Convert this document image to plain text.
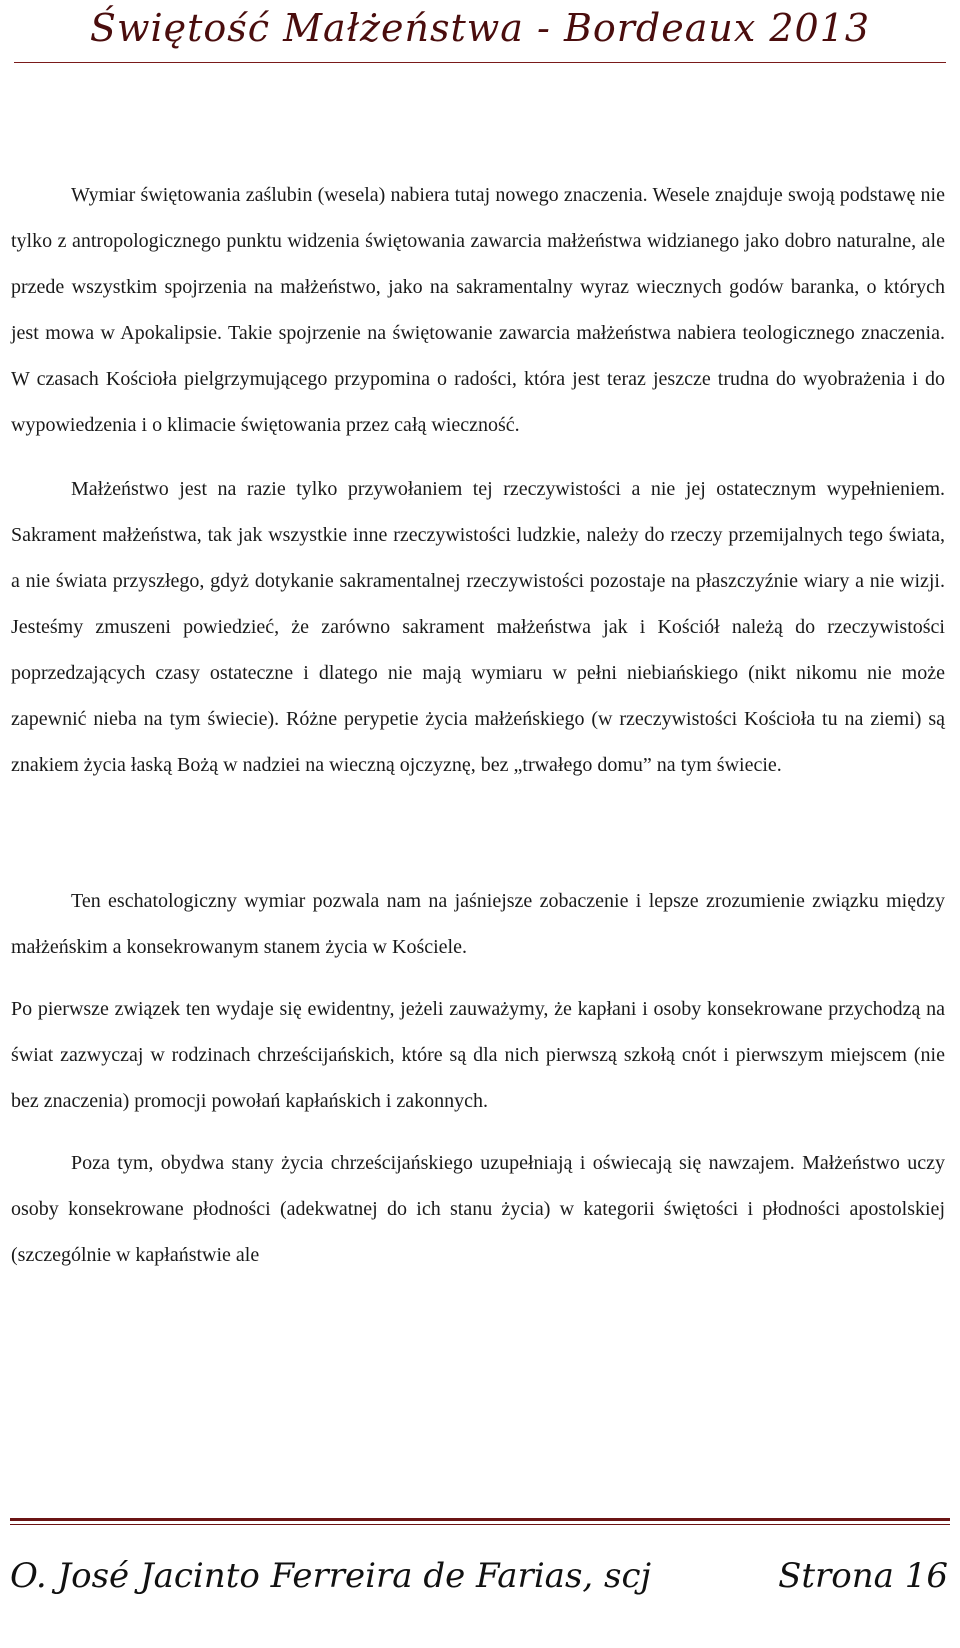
Świętość Małżeństwa - Bordeaux 2013

Wymiar świętowania zaślubin (wesela) nabiera tutaj nowego znaczenia. Wesele znajduje swoją podstawę nie tylko z antropologicznego punktu widzenia świętowania zawarcia małżeństwa widzianego jako dobro naturalne, ale przede wszystkim spojrzenia na małżeństwo, jako na sakramentalny wyraz wiecznych godów baranka, o których jest mowa w Apokalipsie. Takie spojrzenie na świętowanie zawarcia małżeństwa nabiera teologicznego znaczenia. W czasach Kościoła pielgrzymującego przypomina o radości, która jest teraz jeszcze trudna do wyobrażenia i do wypowiedzenia i o klimacie świętowania przez całą wieczność.

Małżeństwo jest na razie tylko przywołaniem tej rzeczywistości a nie jej ostatecznym wypełnieniem. Sakrament małżeństwa, tak jak wszystkie inne rzeczywistości ludzkie, należy do rzeczy przemijalnych tego świata, a nie świata przyszłego, gdyż dotykanie sakramentalnej rzeczywistości pozostaje na płaszczyźnie wiary a nie wizji. Jesteśmy zmuszeni powiedzieć, że zarówno sakrament małżeństwa jak i Kościół należą do rzeczywistości poprzedzających czasy ostateczne i dlatego nie mają wymiaru w pełni niebiańskiego (nikt nikomu nie może zapewnić nieba na tym świecie). Różne perypetie życia małżeńskiego (w rzeczywistości Kościoła tu na ziemi) są znakiem życia łaską Bożą w nadziei na wieczną ojczyznę, bez „trwałego domu” na tym świecie.

Ten eschatologiczny wymiar pozwala nam na jaśniejsze zobaczenie i lepsze zrozumienie związku między małżeńskim a konsekrowanym stanem życia w Kościele.

Po pierwsze związek ten wydaje się ewidentny, jeżeli zauważymy, że kapłani i osoby konsekrowane przychodzą na świat zazwyczaj w rodzinach chrześcijańskich, które są dla nich pierwszą szkołą cnót i pierwszym miejscem (nie bez znaczenia) promocji powołań kapłańskich i zakonnych.

Poza tym, obydwa stany życia chrześcijańskiego uzupełniają i oświecają się nawzajem. Małżeństwo uczy osoby konsekrowane płodności (adekwatnej do ich stanu życia) w kategorii świętości i płodności apostolskiej (szczególnie w kapłaństwie ale

O. José Jacinto Ferreira de Farias, scj	Strona 16
